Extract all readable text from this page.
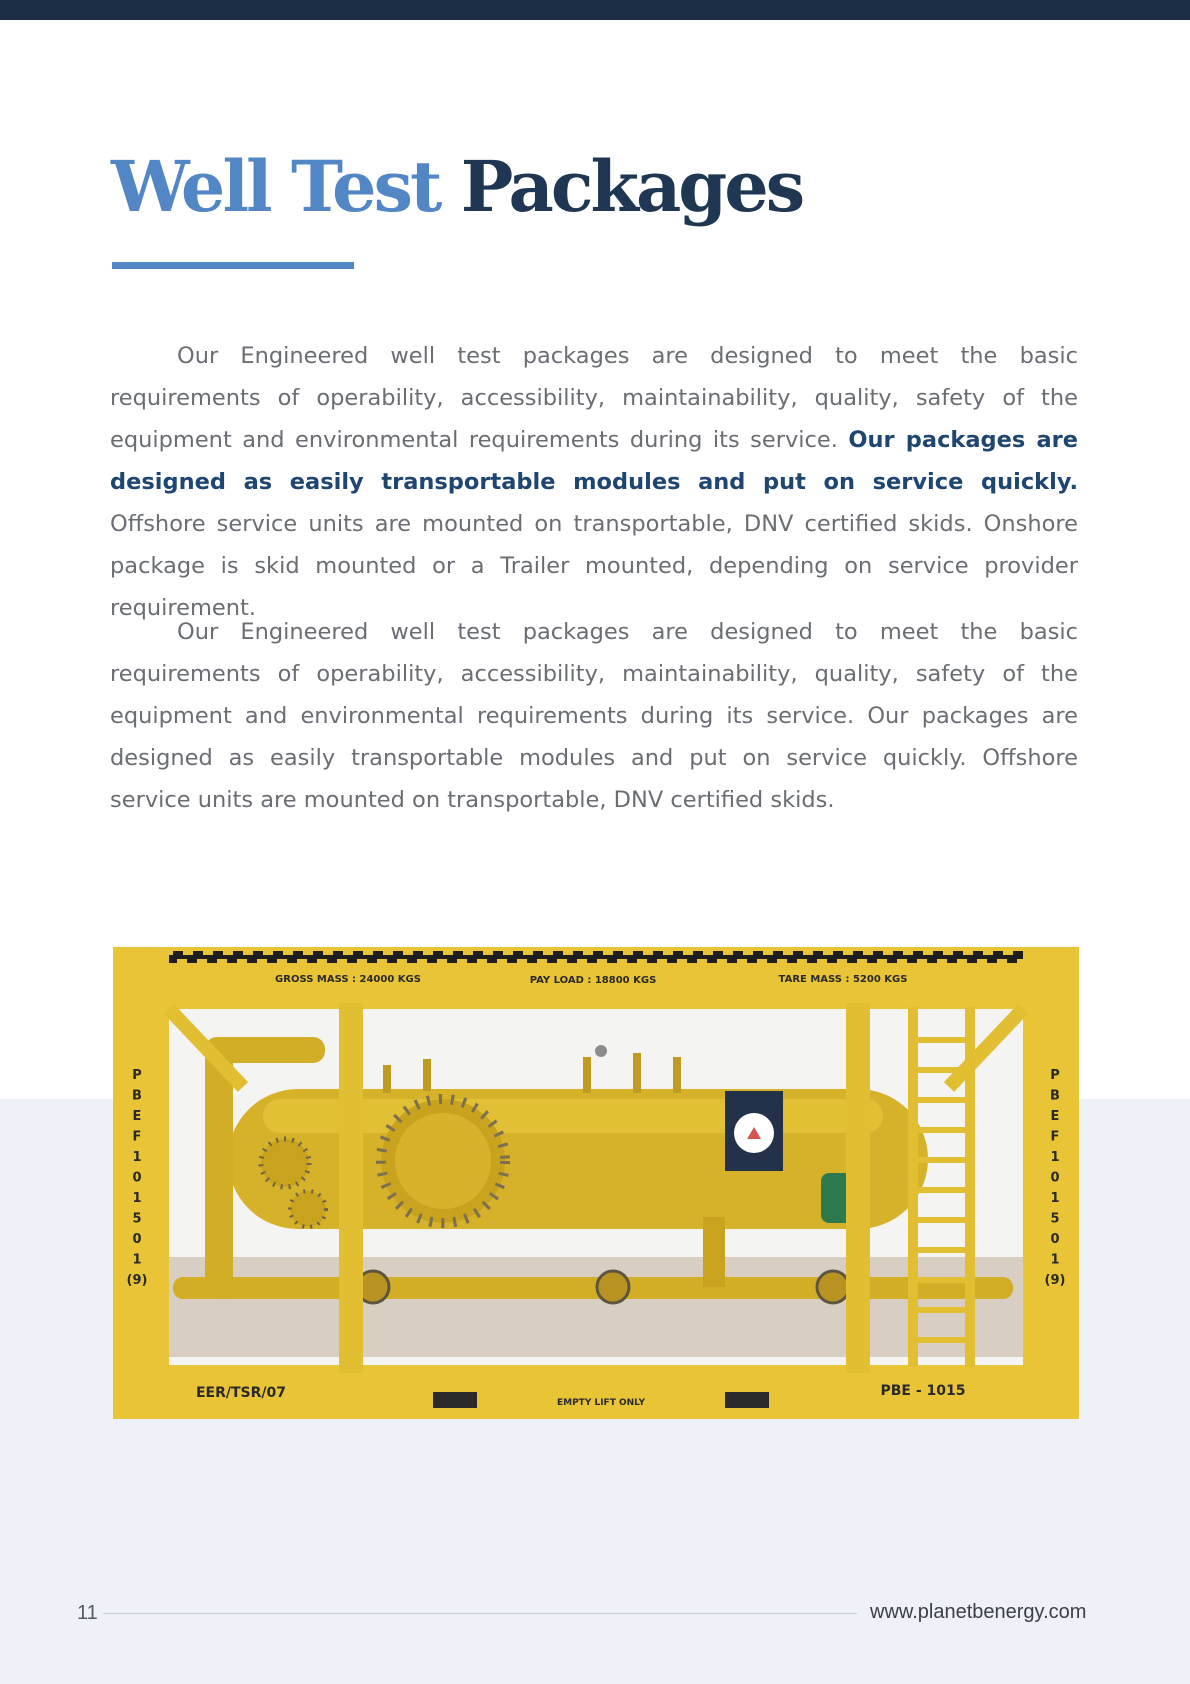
Well Test Packages

Our Engineered well test packages are designed to meet the basic requirements of operability, accessibility, maintainability, quality, safety of the equipment and environmental requirements during its service. Our packages are designed as easily transportable modules and put on service quickly. Offshore service units are mounted on transportable, DNV certified skids. Onshore package is skid mounted or a Trailer mounted, depending on service provider requirement.

Our Engineered well test packages are designed to meet the basic requirements of operability, accessibility, maintainability, quality, safety of the equipment and environmental requirements during its service. Our packages are designed as easily transportable modules and put on service quickly. Offshore service units are mounted on transportable, DNV certified skids.

GROSS MASS : 24000 KGS	PAY LOAD : 18800 KGS	TARE MASS : 5200 KGS
EER/TSR/07	PBE - 1015
EMPTY LIFT ONLY
P
B
E
F
1
0
1
5
0
1
(9)
P
B
E
F
1
0
1
5
0
1
(9)
11	www.planetbenergy.com
